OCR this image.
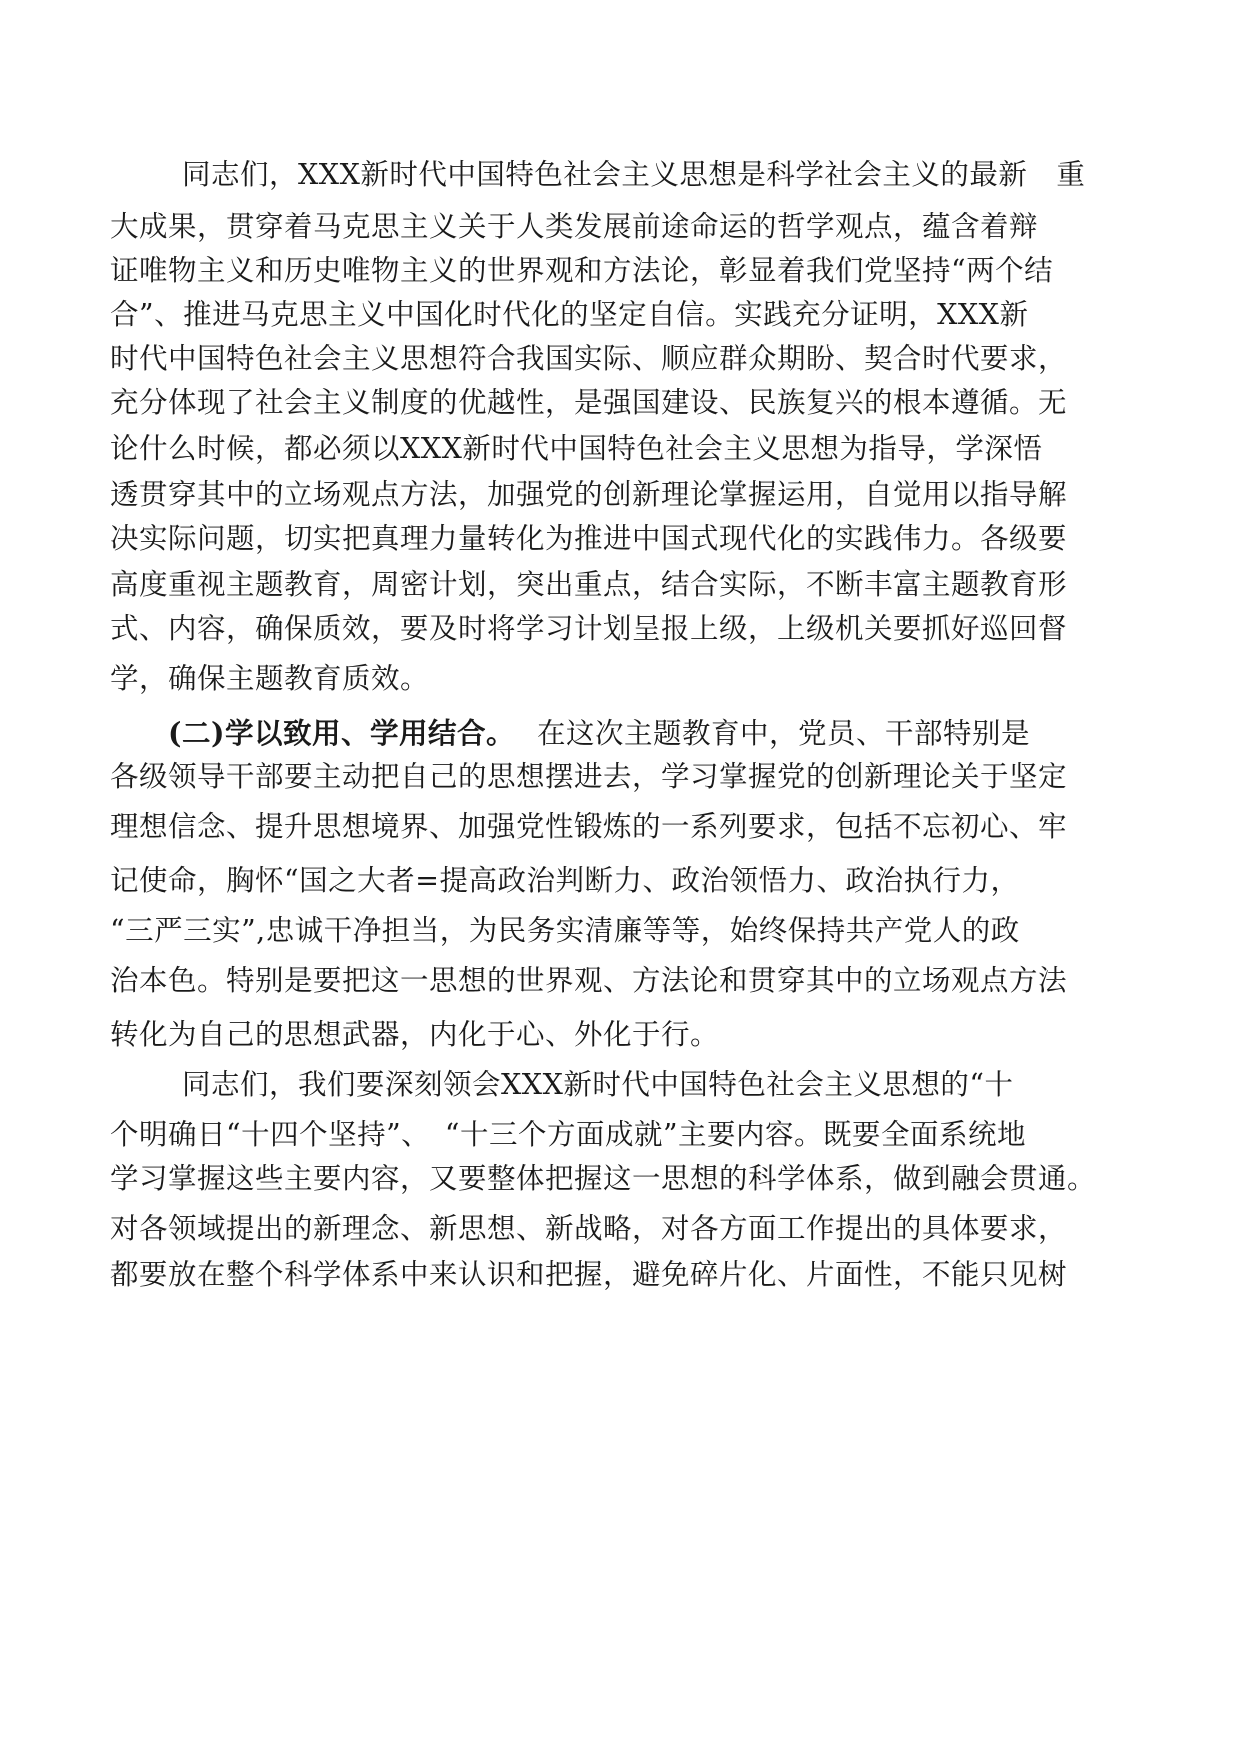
同志们，XXX新时代中国特色社会主义思想是科学社会主义的最新　重
大成果，贯穿着马克思主义关于人类发展前途命运的哲学观点，蕴含着辩
证唯物主义和历史唯物主义的世界观和方法论，彰显着我们党坚持“两个结
合”、推进马克思主义中国化时代化的坚定自信。实践充分证明，XXX新
时代中国特色社会主义思想符合我国实际、顺应群众期盼、契合时代要求，
充分体现了社会主义制度的优越性，是强国建设、民族复兴的根本遵循。无
论什么时候，都必须以XXX新时代中国特色社会主义思想为指导，学深悟
透贯穿其中的立场观点方法，加强党的创新理论掌握运用，自觉用以指导解
决实际问题，切实把真理力量转化为推进中国式现代化的实践伟力。各级要
高度重视主题教育，周密计划，突出重点，结合实际，不断丰富主题教育形
式、内容，确保质效，要及时将学习计划呈报上级，上级机关要抓好巡回督
学，确保主题教育质效。
(二)学以致用、学用结合。 在这次主题教育中，党员、干部特别是
各级领导干部要主动把自己的思想摆进去，学习掌握党的创新理论关于坚定
理想信念、提升思想境界、加强党性锻炼的一系列要求，包括不忘初心、牢
记使命，胸怀“国之大者=提高政治判断力、政治领悟力、政治执行力，
“三严三实”,忠诚干净担当，为民务实清廉等等，始终保持共产党人的政
治本色。特别是要把这一思想的世界观、方法论和贯穿其中的立场观点方法
转化为自己的思想武器，内化于心、外化于行。
同志们，我们要深刻领会XXX新时代中国特色社会主义思想的“十
个明确日“十四个坚持”、　“十三个方面成就”主要内容。既要全面系统地
学习掌握这些主要内容，又要整体把握这一思想的科学体系，做到融会贯通。
对各领域提出的新理念、新思想、新战略，对各方面工作提出的具体要求，
都要放在整个科学体系中来认识和把握，避免碎片化、片面性，不能只见树
